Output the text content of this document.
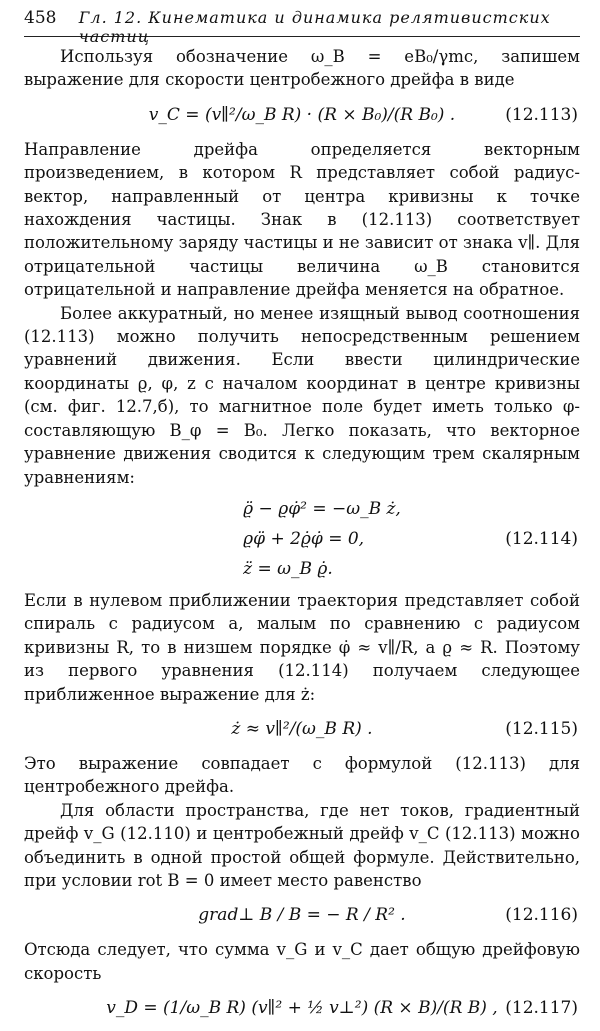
458	Гл. 12. Кинематика и динамика релятивистских частиц

Используя обозначение ω_B = eB₀/γmc, запишем выражение для скорости центробежного дрейфа в виде

v_C = (v∥²/ω_B R) · (R × B₀)/(R B₀) .	(12.113)

Направление дрейфа определяется векторным произведением, в котором R представляет собой радиус-вектор, направленный от центра кривизны к точке нахождения частицы. Знак в (12.113) соответствует положительному заряду частицы и не зависит от знака v∥. Для отрицательной частицы величина ω_B становится отрицательной и направление дрейфа меняется на обратное.

Более аккуратный, но менее изящный вывод соотношения (12.113) можно получить непосредственным решением уравнений движения. Если ввести цилиндрические координаты ϱ, φ, z с началом координат в центре кривизны (см. фиг. 12.7,б), то магнитное поле будет иметь только φ-составляющую B_φ = B₀. Легко показать, что векторное уравнение движения сводится к следующим трем скалярным уравнениям:

ϱ̈ − ϱφ̇² = −ω_B ż,
ϱφ̈ + 2ϱ̇φ̇ = 0,
z̈ = ω_B ϱ̇.
(12.114)

Если в нулевом приближении траектория представляет собой спираль с радиусом a, малым по сравнению с радиусом кривизны R, то в низшем порядке φ̇ ≈ v∥/R, а ϱ ≈ R. Поэтому из первого уравнения (12.114) получаем следующее приближенное выражение для ż:

ż ≈ v∥²/(ω_B R) .	(12.115)

Это выражение совпадает с формулой (12.113) для центробежного дрейфа.

Для области пространства, где нет токов, градиентный дрейф v_G (12.110) и центробежный дрейф v_C (12.113) можно объединить в одной простой общей формуле. Действительно, при условии rot B = 0 имеет место равенство

grad⊥ B / B = − R / R² .	(12.116)

Отсюда следует, что сумма v_G и v_C дает общую дрейфовую скорость

v_D = (1/ω_B R) (v∥² + ½ v⊥²) (R × B)/(R B) , (12.117)
